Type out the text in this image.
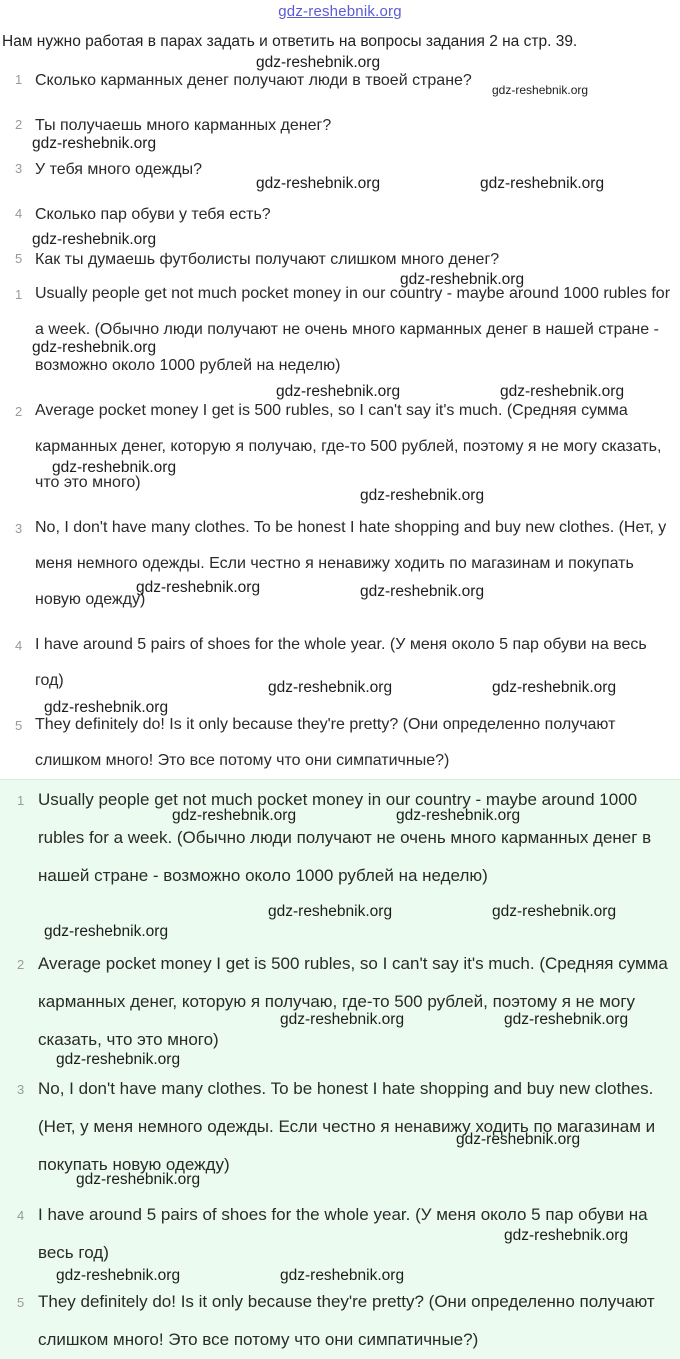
gdz-reshebnik.org
Нам нужно работая в парах задать и ответить на вопросы задания 2 на стр. 39.
1 Сколько карманных денег получают люди в твоей стране?
2 Ты получаешь много карманных денег?
3 У тебя много одежды?
4 Сколько пар обуви у тебя есть?
5 Как ты думаешь футболисты получают слишком много денег?
1 Usually people get not much pocket money in our country - maybe around 1000 rubles for a week. (Обычно люди получают не очень много карманных денег в нашей стране - возможно около 1000 рублей на неделю)
2 Average pocket money I get is 500 rubles, so I can't say it's much. (Средняя сумма карманных денег, которую я получаю, где-то 500 рублей, поэтому я не могу сказать, что это много)
3 No, I don't have many clothes. To be honest I hate shopping and buy new clothes. (Нет, у меня немного одежды. Если честно я ненавижу ходить по магазинам и покупать новую одежду)
4 I have around 5 pairs of shoes for the whole year. (У меня около 5 пар обуви на весь год)
5 They definitely do! Is it only because they're pretty? (Они определенно получают слишком много! Это все потому что они симпатичные?)
1 Usually people get not much pocket money in our country - maybe around 1000 rubles for a week. (Обычно люди получают не очень много карманных денег в нашей стране - возможно около 1000 рублей на неделю)
2 Average pocket money I get is 500 rubles, so I can't say it's much. (Средняя сумма карманных денег, которую я получаю, где-то 500 рублей, поэтому я не могу сказать, что это много)
3 No, I don't have many clothes. To be honest I hate shopping and buy new clothes. (Нет, у меня немного одежды. Если честно я ненавижу ходить по магазинам и покупать новую одежду)
4 I have around 5 pairs of shoes for the whole year. (У меня около 5 пар обуви на весь год)
5 They definitely do! Is it only because they're pretty? (Они определенно получают слишком много! Это все потому что они симпатичные?)
gdz-reshebnik.org
gdz-reshebnik.org
gdz-reshebnik.org
gdz-reshebnik.org	gdz-reshebnik.org
gdz-reshebnik.org
gdz-reshebnik.org
gdz-reshebnik.org
gdz-reshebnik.org	gdz-reshebnik.org
gdz-reshebnik.org
gdz-reshebnik.org
gdz-reshebnik.org	gdz-reshebnik.org
gdz-reshebnik.org	gdz-reshebnik.org
gdz-reshebnik.org
gdz-reshebnik.org	gdz-reshebnik.org
gdz-reshebnik.org	gdz-reshebnik.org
gdz-reshebnik.org
gdz-reshebnik.org	gdz-reshebnik.org
gdz-reshebnik.org
gdz-reshebnik.org
gdz-reshebnik.org
gdz-reshebnik.org
gdz-reshebnik.org	gdz-reshebnik.org
